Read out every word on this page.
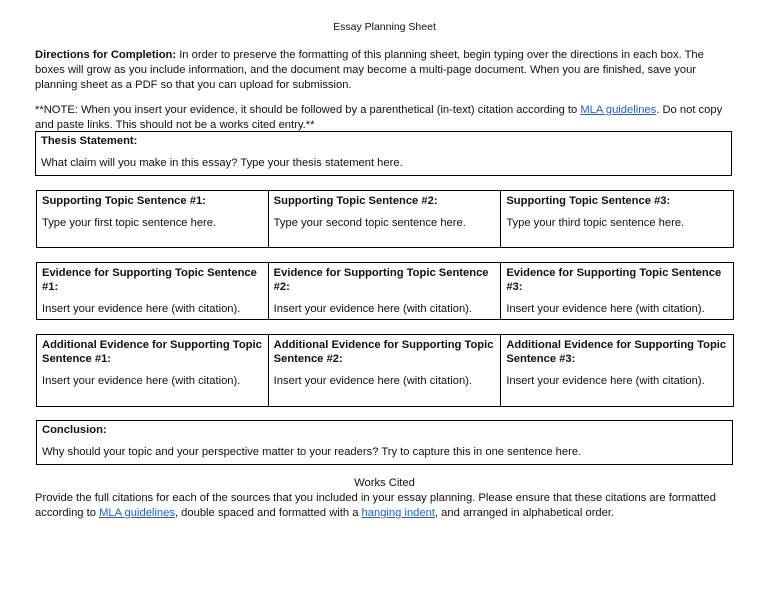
Essay Planning Sheet
Directions for Completion: In order to preserve the formatting of this planning sheet, begin typing over the directions in each box. The boxes will grow as you include information, and the document may become a multi-page document. When you are finished, save your planning sheet as a PDF so that you can upload for submission.
**NOTE: When you insert your evidence, it should be followed by a parenthetical (in-text) citation according to MLA guidelines. Do not copy and paste links. This should not be a works cited entry.**
Thesis Statement:
What claim will you make in this essay? Type your thesis statement here.
Supporting Topic Sentence #1:
Type your first topic sentence here.

Supporting Topic Sentence #2:
Type your second topic sentence here.

Supporting Topic Sentence #3:
Type your third topic sentence here.
Evidence for Supporting Topic Sentence #1:
Insert your evidence here (with citation).

Evidence for Supporting Topic Sentence #2:
Insert your evidence here (with citation).

Evidence for Supporting Topic Sentence #3:
Insert your evidence here (with citation).
Additional Evidence for Supporting Topic Sentence #1:
Insert your evidence here (with citation).

Additional Evidence for Supporting Topic Sentence #2:
Insert your evidence here (with citation).

Additional Evidence for Supporting Topic Sentence #3:
Insert your evidence here (with citation).
Conclusion:
Why should your topic and your perspective matter to your readers? Try to capture this in one sentence here.
Works Cited
Provide the full citations for each of the sources that you included in your essay planning. Please ensure that these citations are formatted according to MLA guidelines, double spaced and formatted with a hanging indent, and arranged in alphabetical order.
